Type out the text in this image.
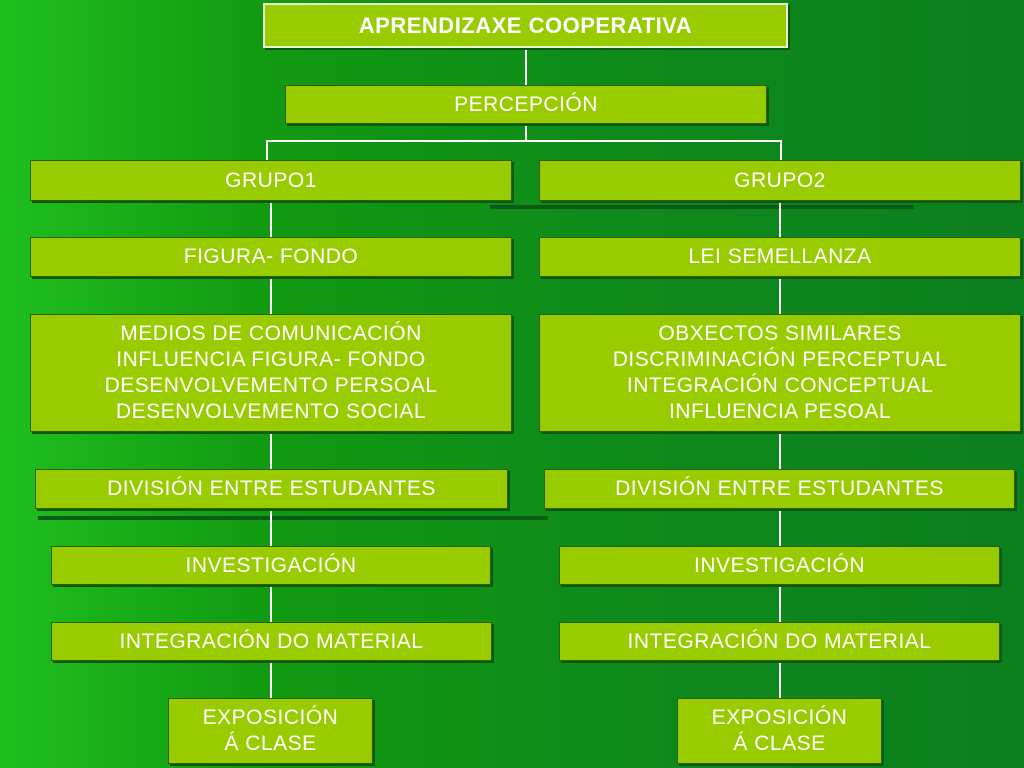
APRENDIZAXE COOPERATIVA
PERCEPCIÓN
GRUPO1
FIGURA- FONDO
MEDIOS DE COMUNICACIÓN
INFLUENCIA FIGURA- FONDO
DESENVOLVEMENTO PERSOAL
DESENVOLVEMENTO SOCIAL
DIVISIÓN ENTRE ESTUDANTES
INVESTIGACIÓN
INTEGRACIÓN DO MATERIAL
EXPOSICIÓN
Á CLASE
GRUPO2
LEI SEMELLANZA
OBXECTOS SIMILARES
DISCRIMINACIÓN PERCEPTUAL
INTEGRACIÓN CONCEPTUAL
INFLUENCIA PESOAL
DIVISIÓN ENTRE ESTUDANTES
INVESTIGACIÓN
INTEGRACIÓN DO MATERIAL
EXPOSICIÓN
Á CLASE
